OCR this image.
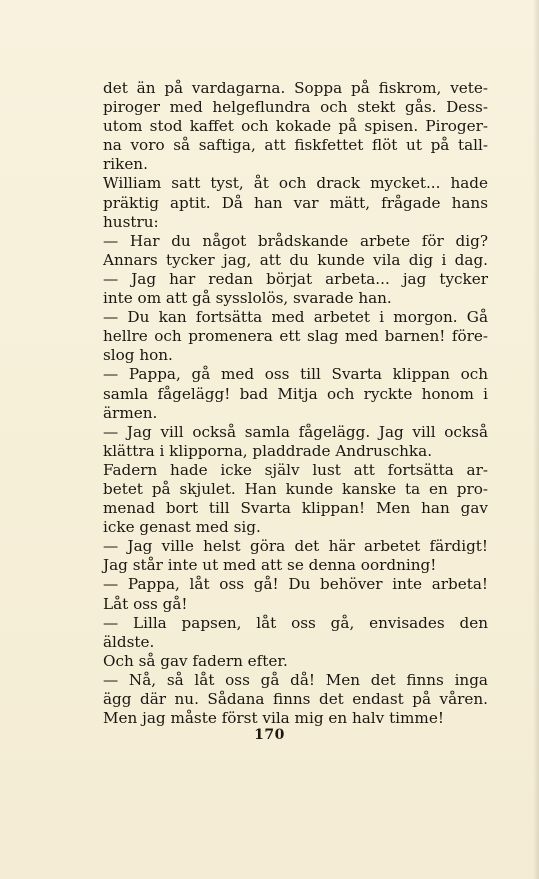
det än på vardagarna. Soppa på fiskrom, vete-
piroger med helgeflundra och stekt gås. Dess-
utom stod kaffet och kokade på spisen. Piroger-
na voro så saftiga, att fiskfettet flöt ut på tall-
riken.
William satt tyst, åt och drack mycket... hade
präktig aptit. Då han var mätt, frågade hans
hustru:
— Har du något brådskande arbete för dig?
Annars tycker jag, att du kunde vila dig i dag.
— Jag har redan börjat arbeta... jag tycker
inte om att gå sysslolös, svarade han.
— Du kan fortsätta med arbetet i morgon. Gå
hellre och promenera ett slag med barnen! före-
slog hon.
— Pappa, gå med oss till Svarta klippan och
samla fågelägg! bad Mitja och ryckte honom i
ärmen.
— Jag vill också samla fågelägg. Jag vill också
klättra i klipporna, pladdrade Andruschka.
Fadern hade icke själv lust att fortsätta ar-
betet på skjulet. Han kunde kanske ta en pro-
menad bort till Svarta klippan! Men han gav
icke genast med sig.
— Jag ville helst göra det här arbetet färdigt!
Jag står inte ut med att se denna oordning!
— Pappa, låt oss gå! Du behöver inte arbeta!
Låt oss gå!
— Lilla papsen, låt oss gå, envisades den
äldste.
Och så gav fadern efter.
— Nå, så låt oss gå då! Men det finns inga
ägg där nu. Sådana finns det endast på våren.
Men jag måste först vila mig en halv timme!
170
